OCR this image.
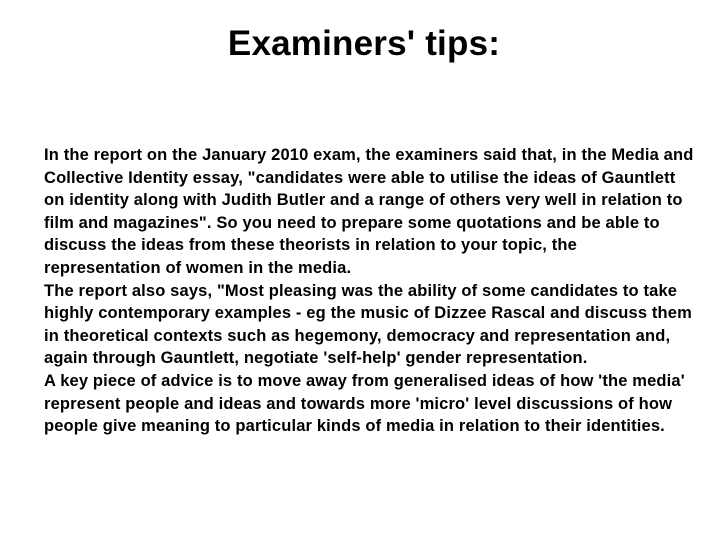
Examiners' tips:

In the report on the January 2010 exam, the examiners said that, in the Media and Collective Identity essay, "candidates were able to utilise the ideas of Gauntlett on identity along with Judith Butler and a range of others very well in relation to film and magazines". So you need to prepare some quotations and be able to discuss the ideas from these theorists in relation to your topic, the representation of women in the media.

The report also says, "Most pleasing was the ability of some candidates to take highly contemporary examples - eg the music of Dizzee Rascal and discuss them in theoretical contexts such as hegemony, democracy and representation and, again through Gauntlett, negotiate 'self-help' gender representation.

A key piece of advice is to move away from generalised ideas of how 'the media' represent people and ideas and towards more 'micro' level discussions of how people give meaning to particular kinds of media in relation to their identities.
